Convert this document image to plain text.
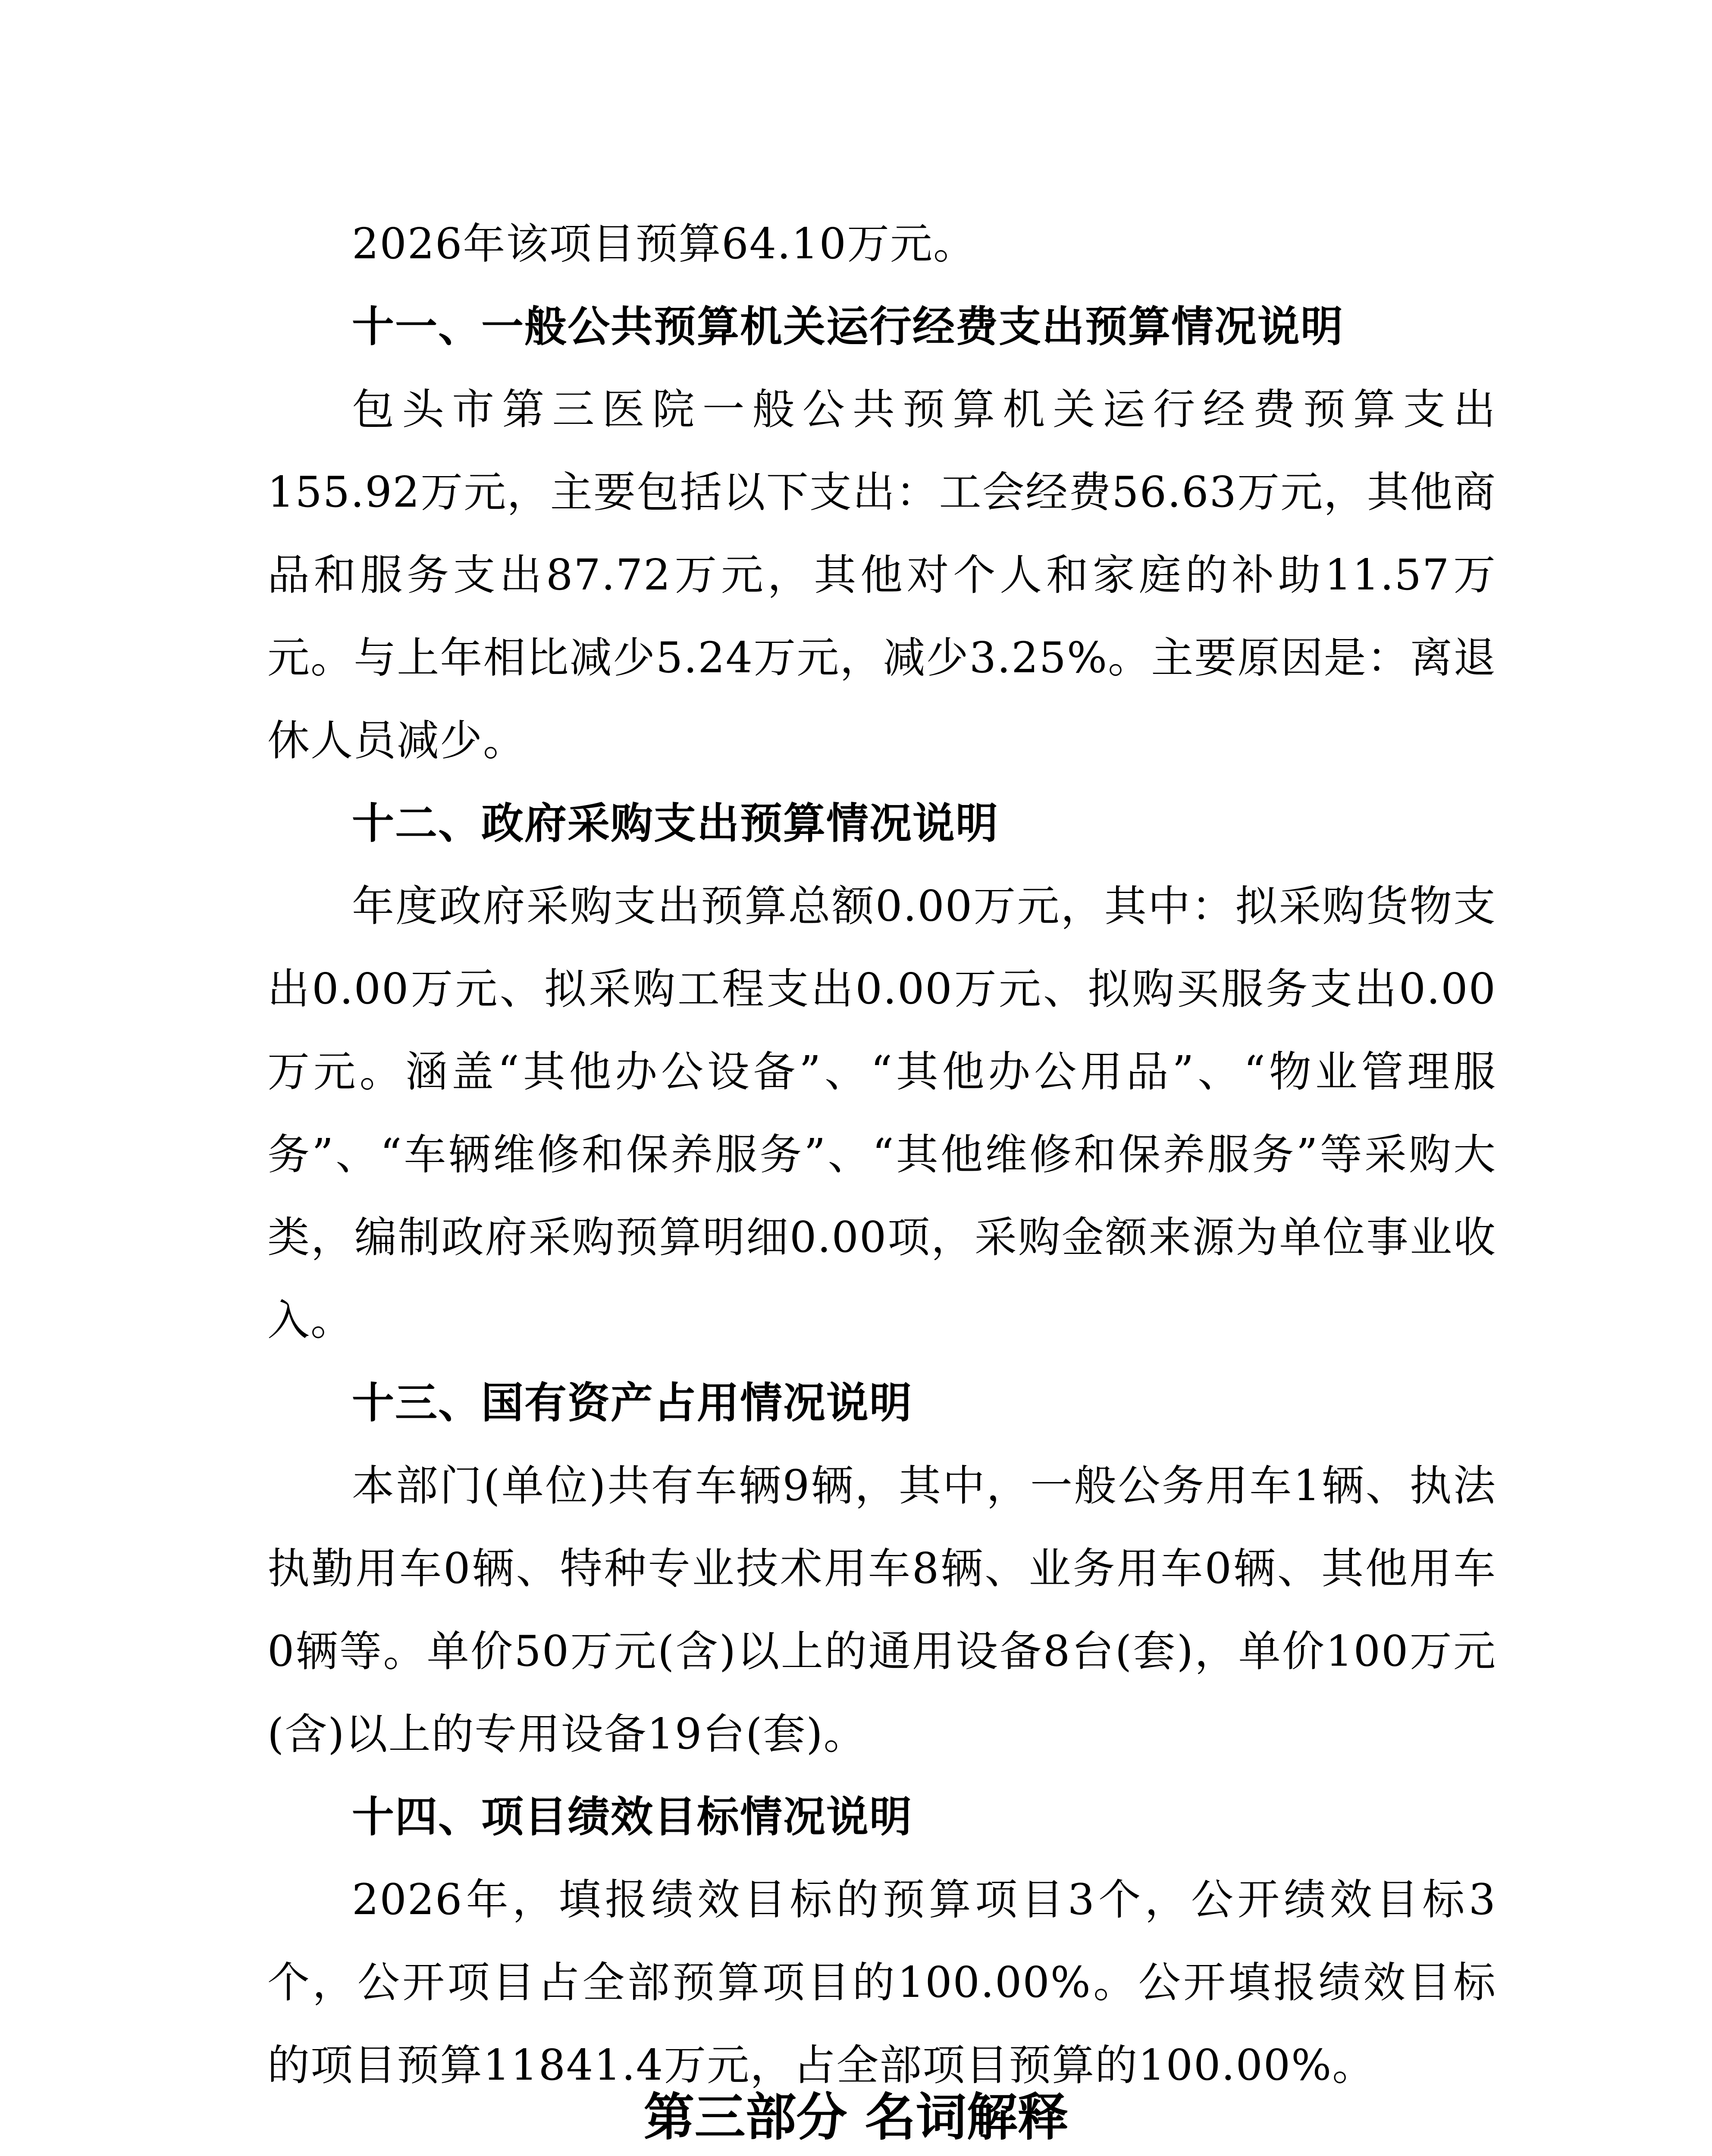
2026年该项目预算64.10万元。

十一、一般公共预算机关运行经费支出预算情况说明

包头市第三医院一般公共预算机关运行经费预算支出155.92万元，主要包括以下支出：工会经费56.63万元，其他商品和服务支出87.72万元，其他对个人和家庭的补助11.57万元。与上年相比减少5.24万元，减少3.25%。主要原因是：离退休人员减少。

十二、政府采购支出预算情况说明

年度政府采购支出预算总额0.00万元，其中：拟采购货物支出0.00万元、拟采购工程支出0.00万元、拟购买服务支出0.00万元。涵盖“其他办公设备”、“其他办公用品”、“物业管理服务”、“车辆维修和保养服务”、“其他维修和保养服务”等采购大类，编制政府采购预算明细0.00项，采购金额来源为单位事业收入。

十三、国有资产占用情况说明

本部门(单位)共有车辆9辆，其中，一般公务用车1辆、执法执勤用车0辆、特种专业技术用车8辆、业务用车0辆、其他用车0辆等。单价50万元(含)以上的通用设备8台(套)，单价100万元(含)以上的专用设备19台(套)。

十四、项目绩效目标情况说明

2026年，填报绩效目标的预算项目3个，公开绩效目标3个，公开项目占全部预算项目的100.00%。公开填报绩效目标的项目预算11841.4万元，占全部项目预算的100.00%。

第三部分 名词解释
